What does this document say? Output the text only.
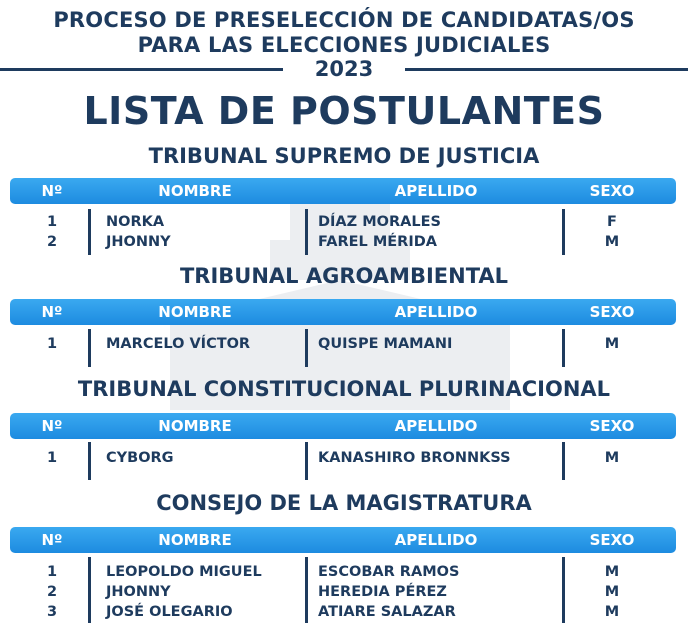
PROCESO DE PRESELECCIÓN DE CANDIDATAS/OS
PARA LAS ELECCIONES JUDICIALES
2023
LISTA DE POSTULANTES
TRIBUNAL SUPREMO DE JUSTICIA
Nº	NOMBRE	APELLIDO	SEXO
1	NORKA	DÍAZ MORALES	F
2	JHONNY	FAREL MÉRIDA	M
TRIBUNAL AGROAMBIENTAL
Nº	NOMBRE	APELLIDO	SEXO
1	MARCELO VÍCTOR	QUISPE MAMANI	M
TRIBUNAL CONSTITUCIONAL PLURINACIONAL
Nº	NOMBRE	APELLIDO	SEXO
1	CYBORG	KANASHIRO BRONNKSS	M
CONSEJO DE LA MAGISTRATURA
Nº	NOMBRE	APELLIDO	SEXO
1	LEOPOLDO MIGUEL	ESCOBAR RAMOS	M
2	JHONNY	HEREDIA PÉREZ	M
3	JOSÉ OLEGARIO	ATIARE SALAZAR	M
